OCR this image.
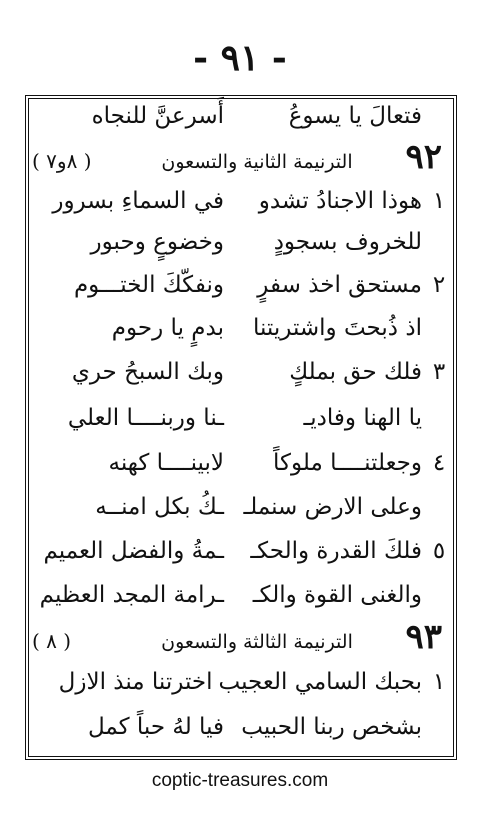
- ٩١ -
فتعالَ يا يسوعُ
أَسرعنَّ للنجاه
٩٢
الترنيمة الثانية والتسعون
( ٨و٧ )
١
هوذا الاجنادُ تشدو
في السماءِ بسرور
للخروف بسجودٍ
وخضوعٍ وحبور
٢
مستحق اخذ سفرٍ
ونفكّكَ الختـــوم
اذ ذُبحتَ واشتريتنا
بدمٍ يا رحوم
٣
فلك حق بملكٍ
وبك السبحُ حري
يا الهنا وفاديـ
ـنا وربنــــا العلي
٤
وجعلتنــــا ملوكاً
لابينــــا كهنه
وعلى الارض سنملـ
ـكُ بكل امنــه
٥
فلكَ القدرة والحكـ
ـمةُ والفضل العميم
والغنى القوة والكـ
ـرامة المجد العظيم
٩٣
الترنيمة الثالثة والتسعون
( ٨ )
١
بحبك السامي العجيب
اخترتنا منذ الازل
بشخص ربنا الحبيب
فيا لهُ حباً كمل
coptic-treasures.com
